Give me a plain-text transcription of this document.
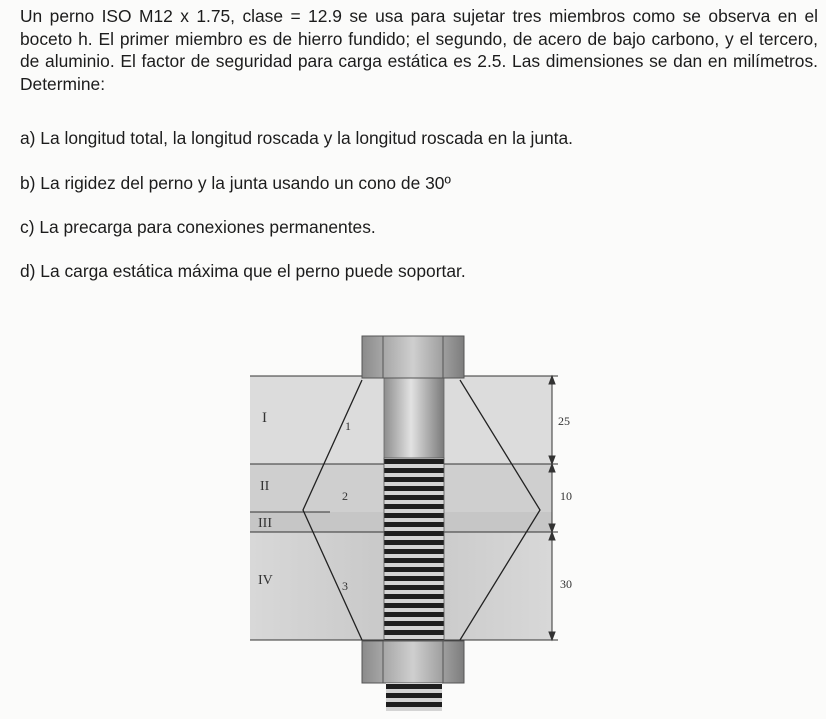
Un perno ISO M12 x 1.75, clase = 12.9 se usa para sujetar tres miembros como se observa en el boceto h. El primer miembro es de hierro fundido; el segundo, de acero de bajo carbono, y el tercero, de aluminio. El factor de seguridad para carga estática es 2.5. Las dimensiones se dan en milímetros. Determine:

a) La longitud total, la longitud roscada y la longitud roscada en la junta.

b) La rigidez del perno y la junta usando un cono de 30º

c) La precarga para conexiones permanentes.

d) La carga estática máxima que el perno puede soportar.

I
II
III
IV
1
2
3
25
10
30
